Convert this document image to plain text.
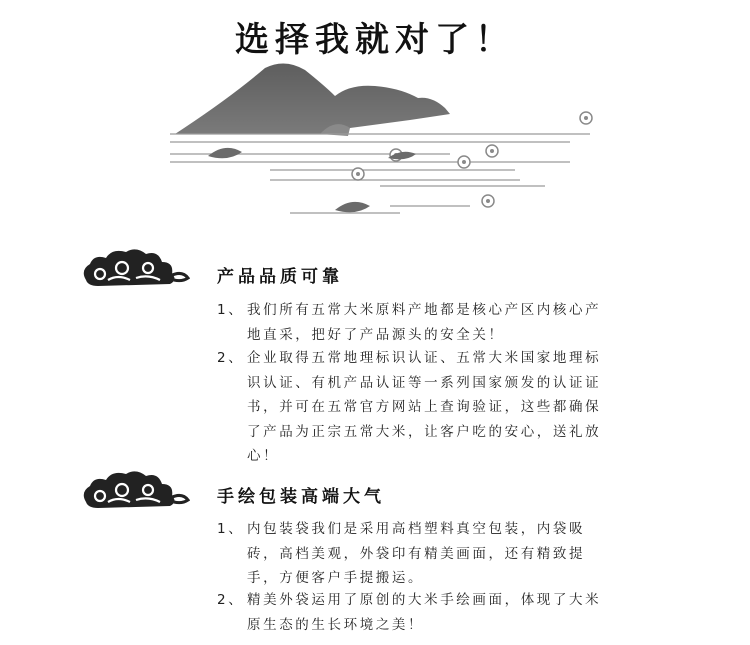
选择我就对了！
产品品质可靠
1、 我们所有五常大米原料产地都是核心产区内核心产地直采，把好了产品源头的安全关！
2、 企业取得五常地理标识认证、五常大米国家地理标识认证、有机产品认证等一系列国家颁发的认证证书，并可在五常官方网站上查询验证，这些都确保了产品为正宗五常大米，让客户吃的安心，送礼放心！
手绘包装高端大气
1、 内包装袋我们是采用高档塑料真空包装，内袋吸砖，高档美观，外袋印有精美画面，还有精致提手，方便客户手提搬运。
2、 精美外袋运用了原创的大米手绘画面，体现了大米原生态的生长环境之美！
